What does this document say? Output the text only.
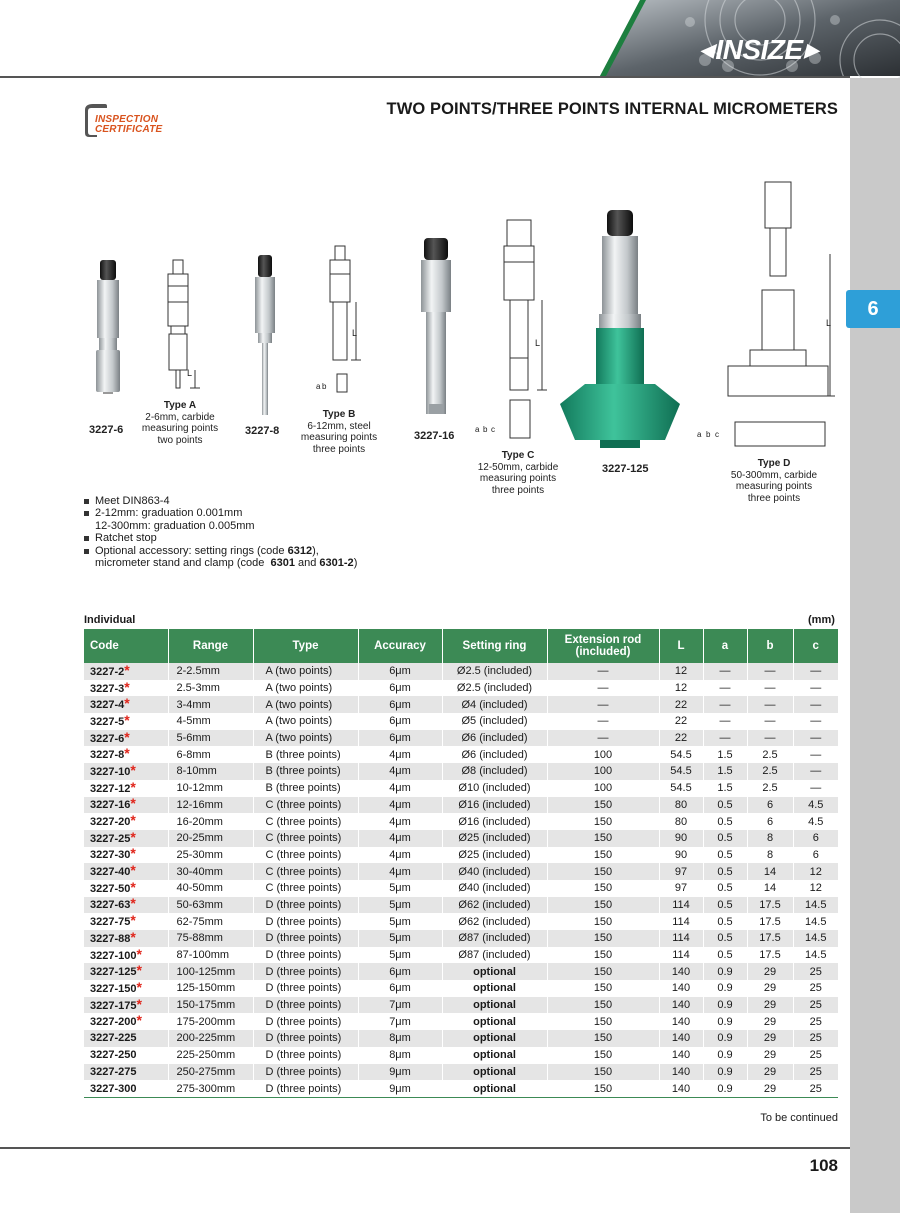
◀ INSIZE ▶
6
INSPECTION
CERTIFICATE
TWO POINTS/THREE POINTS INTERNAL MICROMETERS
L
L
a b
L
a b c
L
a b c
3227-6	3227-8	3227-16
3227-125
Type A
2-6mm, carbide
measuring points
two points
Type B
6-12mm, steel
measuring points
three points
Type C
12-50mm, carbide
measuring points
three points
Type D
50-300mm, carbide
measuring points
three points
Meet DIN863-4
2-12mm: graduation 0.001mm
12-300mm: graduation 0.005mm
Ratchet stop
Optional accessory: setting rings (code 6312),
micrometer stand and clamp (code  6301 and 6301-2)
Individual	(mm)
Code	Range	Type	Accuracy	Setting ring	Extension rod (included)	L	a	b	c
3227-2*	2-2.5mm	A (two points)	6μm	Ø2.5 (included)	—	12	—	—	—
3227-3*	2.5-3mm	A (two points)	6μm	Ø2.5 (included)	—	12	—	—	—
3227-4*	3-4mm	A (two points)	6μm	Ø4 (included)	—	22	—	—	—
3227-5*	4-5mm	A (two points)	6μm	Ø5 (included)	—	22	—	—	—
3227-6*	5-6mm	A (two points)	6μm	Ø6 (included)	—	22	—	—	—
3227-8*	6-8mm	B (three points)	4μm	Ø6 (included)	100	54.5	1.5	2.5	—
3227-10*	8-10mm	B (three points)	4μm	Ø8 (included)	100	54.5	1.5	2.5	—
3227-12*	10-12mm	B (three points)	4μm	Ø10 (included)	100	54.5	1.5	2.5	—
3227-16*	12-16mm	C (three points)	4μm	Ø16 (included)	150	80	0.5	6	4.5
3227-20*	16-20mm	C (three points)	4μm	Ø16 (included)	150	80	0.5	6	4.5
3227-25*	20-25mm	C (three points)	4μm	Ø25 (included)	150	90	0.5	8	6
3227-30*	25-30mm	C (three points)	4μm	Ø25 (included)	150	90	0.5	8	6
3227-40*	30-40mm	C (three points)	4μm	Ø40 (included)	150	97	0.5	14	12
3227-50*	40-50mm	C (three points)	5μm	Ø40 (included)	150	97	0.5	14	12
3227-63*	50-63mm	D (three points)	5μm	Ø62 (included)	150	114	0.5	17.5	14.5
3227-75*	62-75mm	D (three points)	5μm	Ø62 (included)	150	114	0.5	17.5	14.5
3227-88*	75-88mm	D (three points)	5μm	Ø87 (included)	150	114	0.5	17.5	14.5
3227-100*	87-100mm	D (three points)	5μm	Ø87 (included)	150	114	0.5	17.5	14.5
3227-125*	100-125mm	D (three points)	6μm	optional	150	140	0.9	29	25
3227-150*	125-150mm	D (three points)	6μm	optional	150	140	0.9	29	25
3227-175*	150-175mm	D (three points)	7μm	optional	150	140	0.9	29	25
3227-200*	175-200mm	D (three points)	7μm	optional	150	140	0.9	29	25
3227-225	200-225mm	D (three points)	8μm	optional	150	140	0.9	29	25
3227-250	225-250mm	D (three points)	8μm	optional	150	140	0.9	29	25
3227-275	250-275mm	D (three points)	9μm	optional	150	140	0.9	29	25
3227-300	275-300mm	D (three points)	9μm	optional	150	140	0.9	29	25
To be continued
108
